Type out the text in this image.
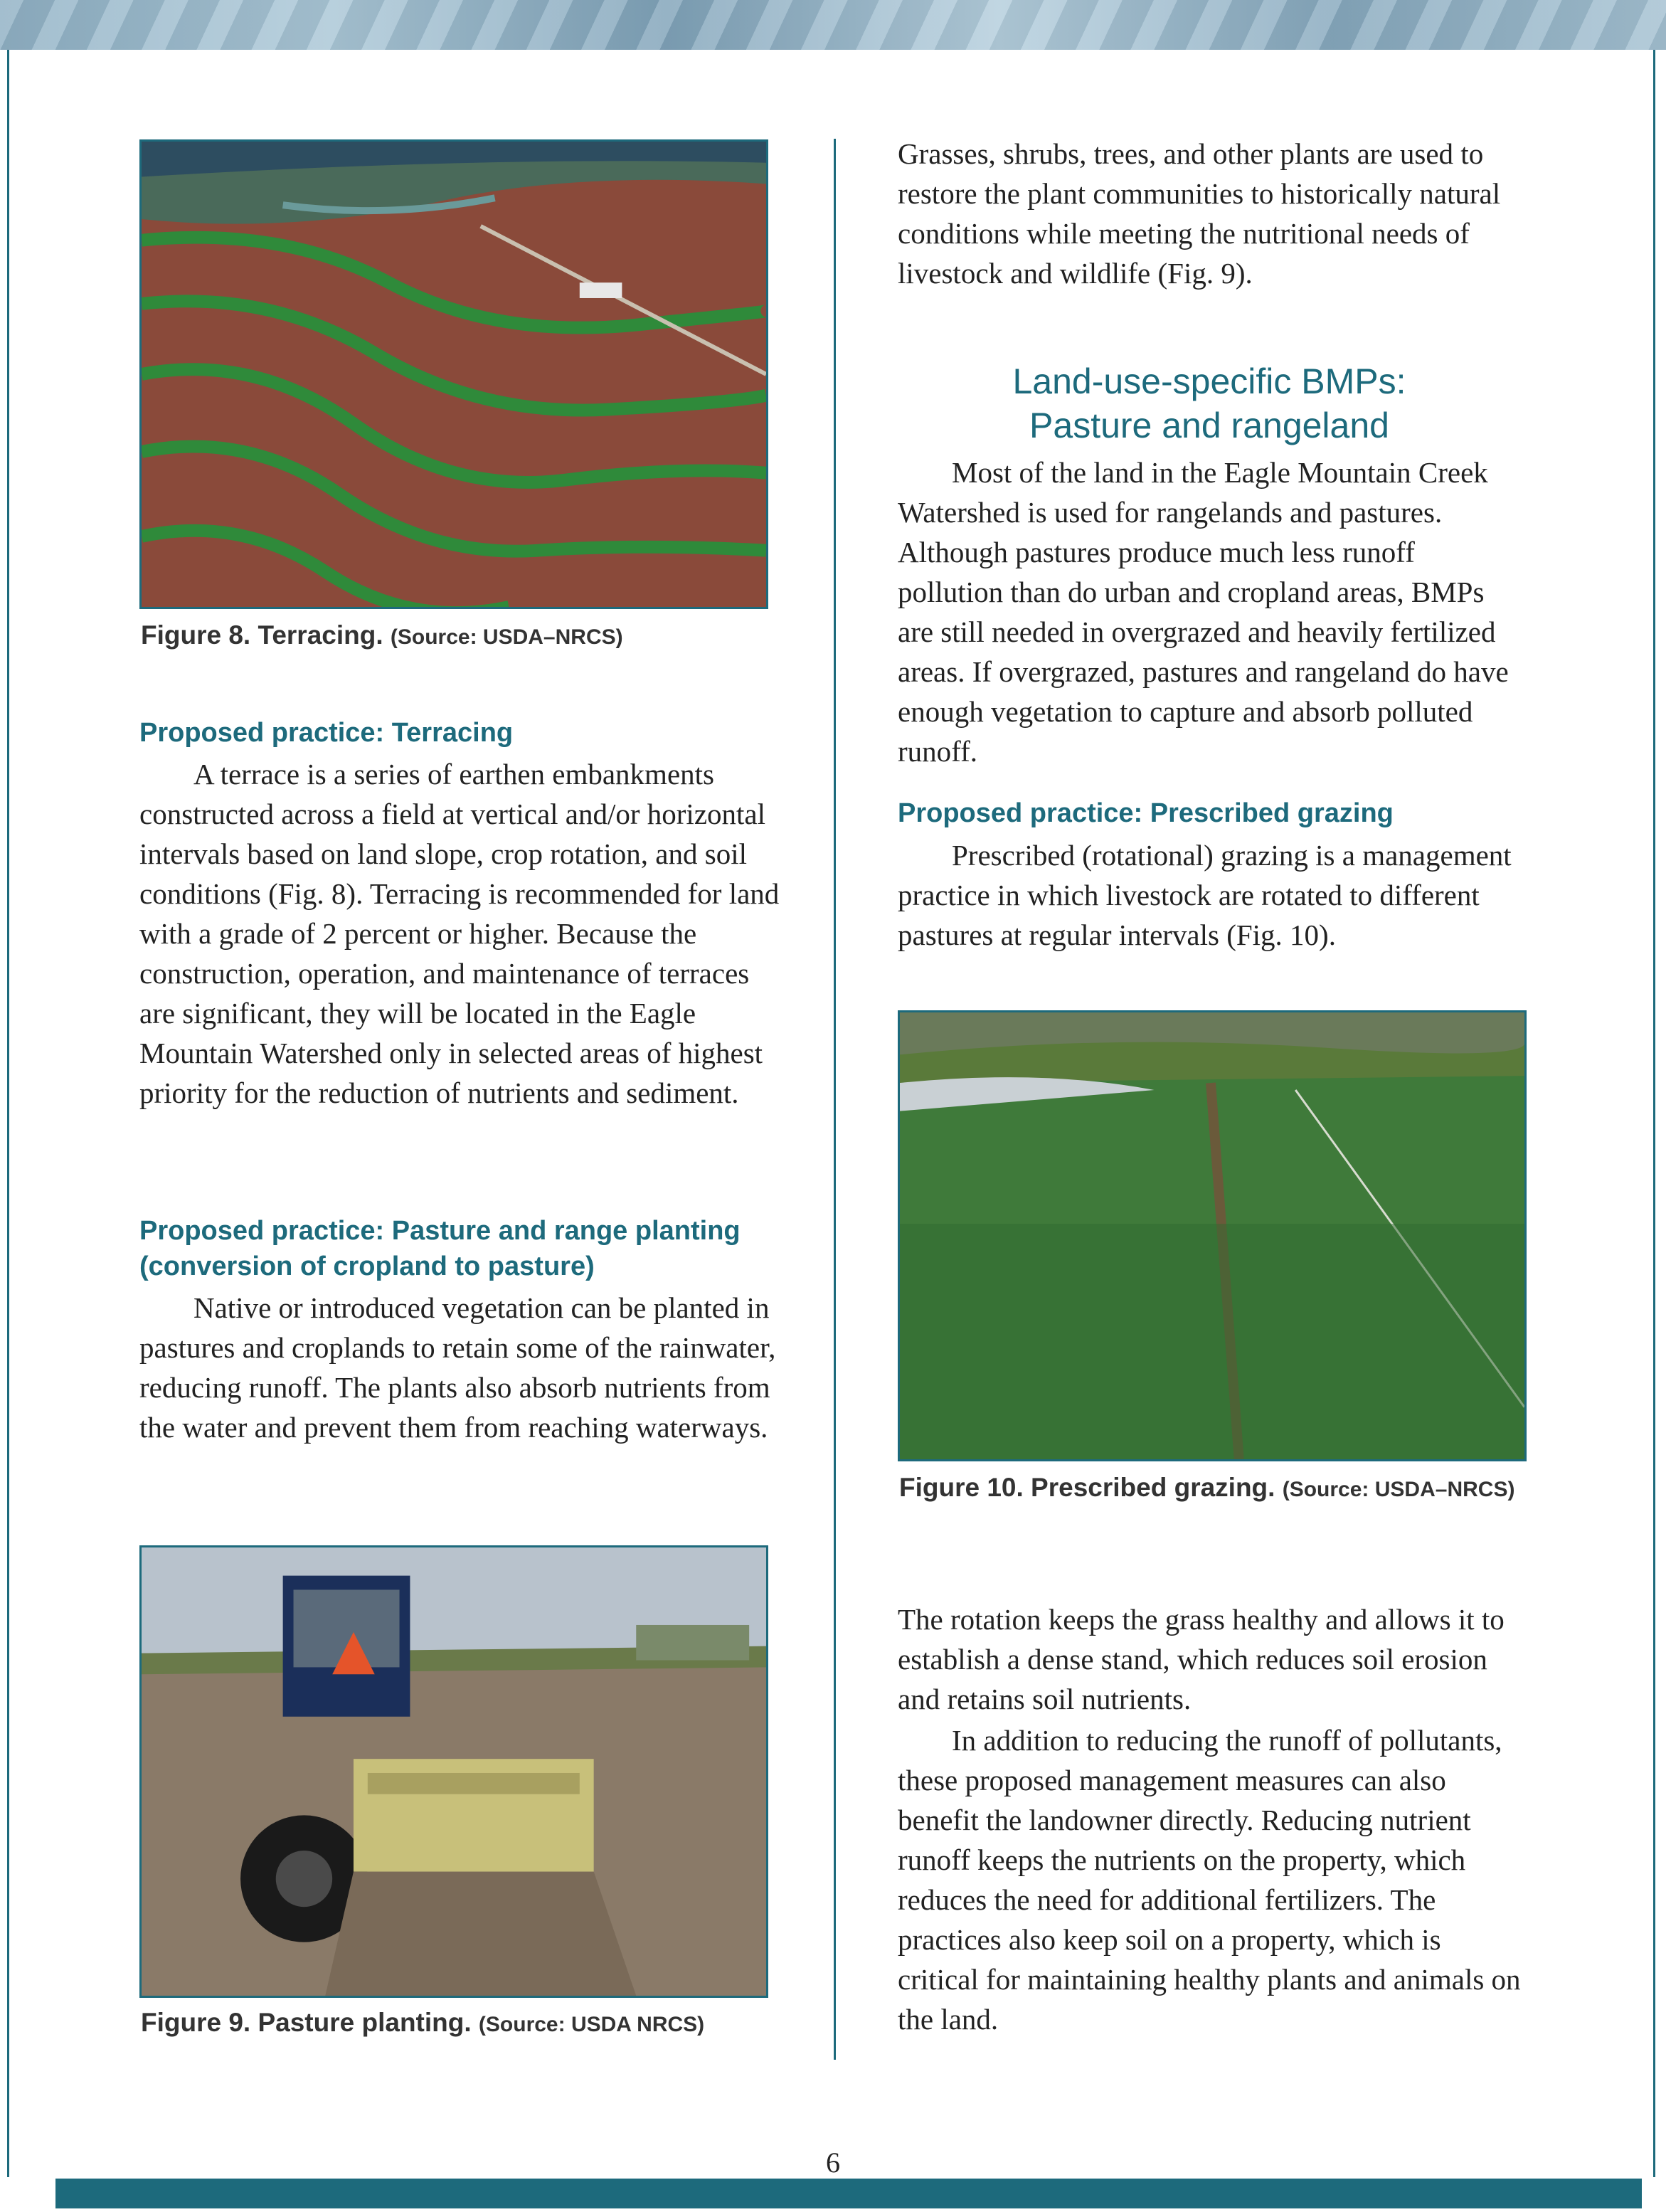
6
Figure 8. Terracing. (Source: USDA–NRCS)
Proposed practice: Terracing

A terrace is a series of earthen embankments constructed across a field at vertical and/or horizontal intervals based on land slope, crop rotation, and soil conditions (Fig. 8). Terracing is recommended for land with a grade of 2 percent or higher. Because the construction, operation, and maintenance of terraces are significant, they will be located in the Eagle Mountain Watershed only in selected areas of highest priority for the reduction of nutrients and sediment.

Proposed practice: Pasture and range planting (conversion of cropland to pasture)

Native or introduced vegetation can be planted in pastures and croplands to retain some of the rainwater, reducing runoff. The plants also absorb nutrients from the water and prevent them from reaching waterways.

Figure 9. Pasture planting. (Source: USDA NRCS)

Grasses, shrubs, trees, and other plants are used to restore the plant communities to historically natural conditions while meeting the nutritional needs of livestock and wildlife (Fig. 9).

Land-use-specific BMPs: Pasture and rangeland

Most of the land in the Eagle Mountain Creek Watershed is used for rangelands and pastures. Although pastures produce much less runoff pollution than do urban and cropland areas, BMPs are still needed in overgrazed and heavily fertilized areas. If overgrazed, pastures and rangeland do have enough vegetation to capture and absorb polluted runoff.

Proposed practice: Prescribed grazing

Prescribed (rotational) grazing is a management practice in which livestock are rotated to different pastures at regular intervals (Fig. 10).

Figure 10. Prescribed grazing. (Source: USDA–NRCS)

The rotation keeps the grass healthy and allows it to establish a dense stand, which reduces soil erosion and retains soil nutrients.

In addition to reducing the runoff of pollutants, these proposed management measures can also benefit the landowner directly. Reducing nutrient runoff keeps the nutrients on the property, which reduces the need for additional fertilizers. The practices also keep soil on a property, which is critical for maintaining healthy plants and animals on the land.
